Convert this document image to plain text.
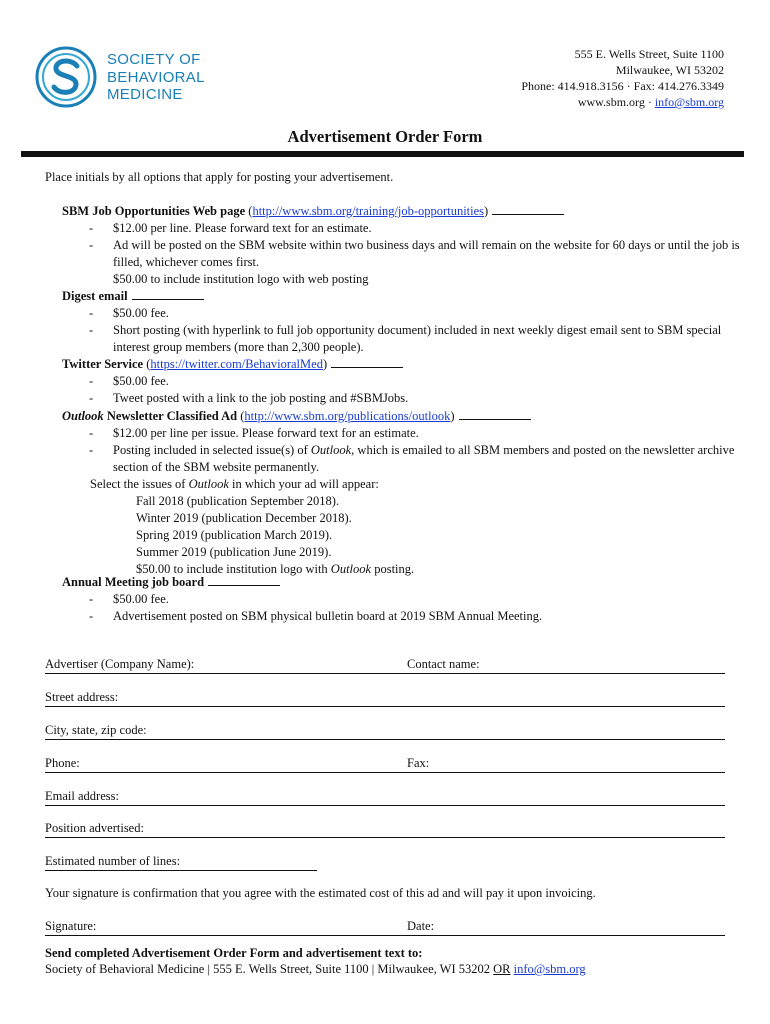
SOCIETY OF
BEHAVIORAL
MEDICINE
555 E. Wells Street, Suite 1100
Milwaukee, WI 53202
Phone: 414.918.3156 · Fax: 414.276.3349
www.sbm.org · info@sbm.org
Advertisement Order Form
Place initials by all options that apply for posting your advertisement.
SBM Job Opportunities Web page (http://www.sbm.org/training/job-opportunities)
- $12.00 per line. Please forward text for an estimate.
- Ad will be posted on the SBM website within two business days and will remain on the website for 60 days or until the job is filled, whichever comes first.
$50.00 to include institution logo with web posting
Digest email
- $50.00 fee.
- Short posting (with hyperlink to full job opportunity document) included in next weekly digest email sent to SBM special interest group members (more than 2,300 people).
Twitter Service (https://twitter.com/BehavioralMed)
- $50.00 fee.
- Tweet posted with a link to the job posting and #SBMJobs.
Outlook Newsletter Classified Ad (http://www.sbm.org/publications/outlook)
- $12.00 per line per issue. Please forward text for an estimate.
- Posting included in selected issue(s) of Outlook, which is emailed to all SBM members and posted on the newsletter archive section of the SBM website permanently.
Select the issues of Outlook in which your ad will appear:
Fall 2018 (publication September 2018).
Winter 2019 (publication December 2018).
Spring 2019 (publication March 2019).
Summer 2019 (publication June 2019).
$50.00 to include institution logo with Outlook posting.
Annual Meeting job board
- $50.00 fee.
- Advertisement posted on SBM physical bulletin board at 2019 SBM Annual Meeting.
Advertiser (Company Name):	Contact name:
Street address:
City, state, zip code:
Phone:	Fax:
Email address:
Position advertised:
Estimated number of lines:
Your signature is confirmation that you agree with the estimated cost of this ad and will pay it upon invoicing.
Signature:	Date:
Send completed Advertisement Order Form and advertisement text to:
Society of Behavioral Medicine | 555 E. Wells Street, Suite 1100 | Milwaukee, WI 53202 OR info@sbm.org
